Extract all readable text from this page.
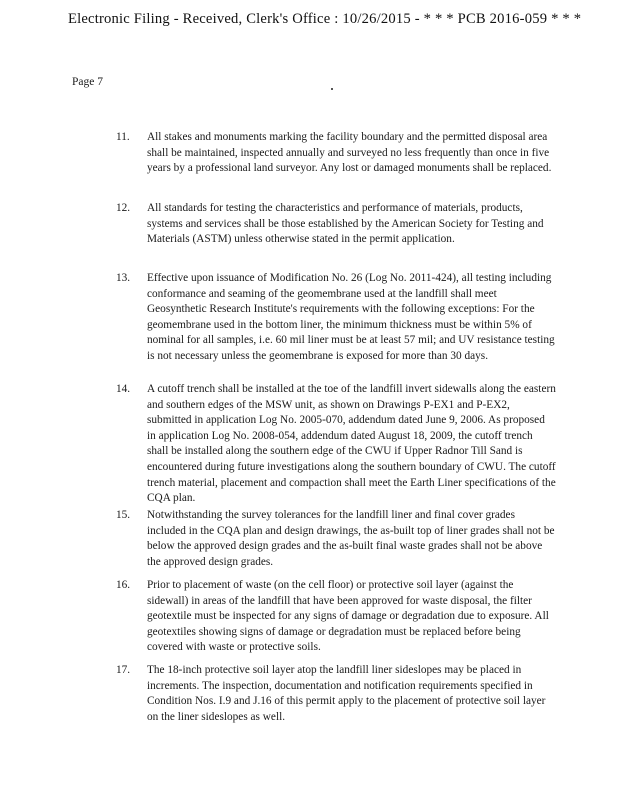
Electronic Filing - Received, Clerk's Office : 10/26/2015 - * * * PCB 2016-059 * * *
Page 7
11.	All stakes and monuments marking the facility boundary and the permitted disposal area shall be maintained, inspected annually and surveyed no less frequently than once in five years by a professional land surveyor. Any lost or damaged monuments shall be replaced.
12.	All standards for testing the characteristics and performance of materials, products, systems and services shall be those established by the American Society for Testing and Materials (ASTM) unless otherwise stated in the permit application.
13.	Effective upon issuance of Modification No. 26 (Log No. 2011-424), all testing including conformance and seaming of the geomembrane used at the landfill shall meet Geosynthetic Research Institute's requirements with the following exceptions: For the geomembrane used in the bottom liner, the minimum thickness must be within 5% of nominal for all samples, i.e. 60 mil liner must be at least 57 mil; and UV resistance testing is not necessary unless the geomembrane is exposed for more than 30 days.
14.	A cutoff trench shall be installed at the toe of the landfill invert sidewalls along the eastern and southern edges of the MSW unit, as shown on Drawings P-EX1 and P-EX2, submitted in application Log No. 2005-070, addendum dated June 9, 2006. As proposed in application Log No. 2008-054, addendum dated August 18, 2009, the cutoff trench shall be installed along the southern edge of the CWU if Upper Radnor Till Sand is encountered during future investigations along the southern boundary of CWU. The cutoff trench material, placement and compaction shall meet the Earth Liner specifications of the CQA plan.
15.	Notwithstanding the survey tolerances for the landfill liner and final cover grades included in the CQA plan and design drawings, the as-built top of liner grades shall not be below the approved design grades and the as-built final waste grades shall not be above the approved design grades.
16.	Prior to placement of waste (on the cell floor) or protective soil layer (against the sidewall) in areas of the landfill that have been approved for waste disposal, the filter geotextile must be inspected for any signs of damage or degradation due to exposure. All geotextiles showing signs of damage or degradation must be replaced before being covered with waste or protective soils.
17.	The 18-inch protective soil layer atop the landfill liner sideslopes may be placed in increments. The inspection, documentation and notification requirements specified in Condition Nos. I.9 and J.16 of this permit apply to the placement of protective soil layer on the liner sideslopes as well.
